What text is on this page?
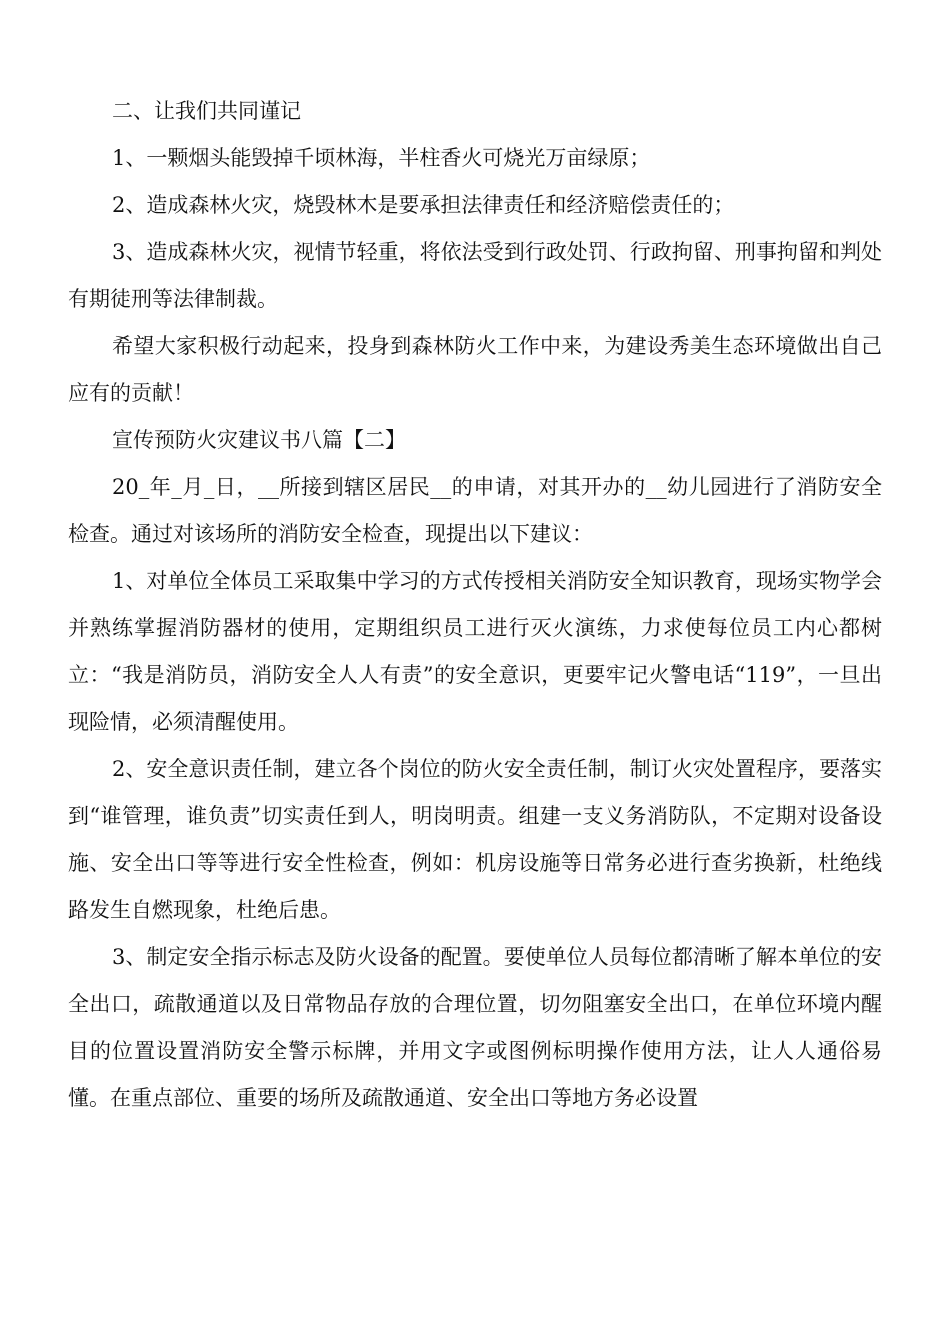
二、让我们共同谨记

1、一颗烟头能毁掉千顷林海，半柱香火可烧光万亩绿原；

2、造成森林火灾，烧毁林木是要承担法律责任和经济赔偿责任的；

3、造成森林火灾，视情节轻重，将依法受到行政处罚、行政拘留、刑事拘留和判处有期徒刑等法律制裁。

希望大家积极行动起来，投身到森林防火工作中来，为建设秀美生态环境做出自己应有的贡献！

宣传预防火灾建议书八篇【二】

20_年_月_日，__所接到辖区居民__的申请，对其开办的__幼儿园进行了消防安全检查。通过对该场所的消防安全检查，现提出以下建议：

1、对单位全体员工采取集中学习的方式传授相关消防安全知识教育，现场实物学会并熟练掌握消防器材的使用，定期组织员工进行灭火演练，力求使每位员工内心都树立：“我是消防员，消防安全人人有责”的安全意识，更要牢记火警电话“119”，一旦出现险情，必须清醒使用。

2、安全意识责任制，建立各个岗位的防火安全责任制，制订火灾处置程序，要落实到“谁管理，谁负责”切实责任到人，明岗明责。组建一支义务消防队，不定期对设备设施、安全出口等等进行安全性检查，例如：机房设施等日常务必进行查劣换新，杜绝线路发生自燃现象，杜绝后患。

3、制定安全指示标志及防火设备的配置。要使单位人员每位都清晰了解本单位的安全出口，疏散通道以及日常物品存放的合理位置，切勿阻塞安全出口，在单位环境内醒目的位置设置消防安全警示标牌，并用文字或图例标明操作使用方法，让人人通俗易懂。在重点部位、重要的场所及疏散通道、安全出口等地方务必设置
